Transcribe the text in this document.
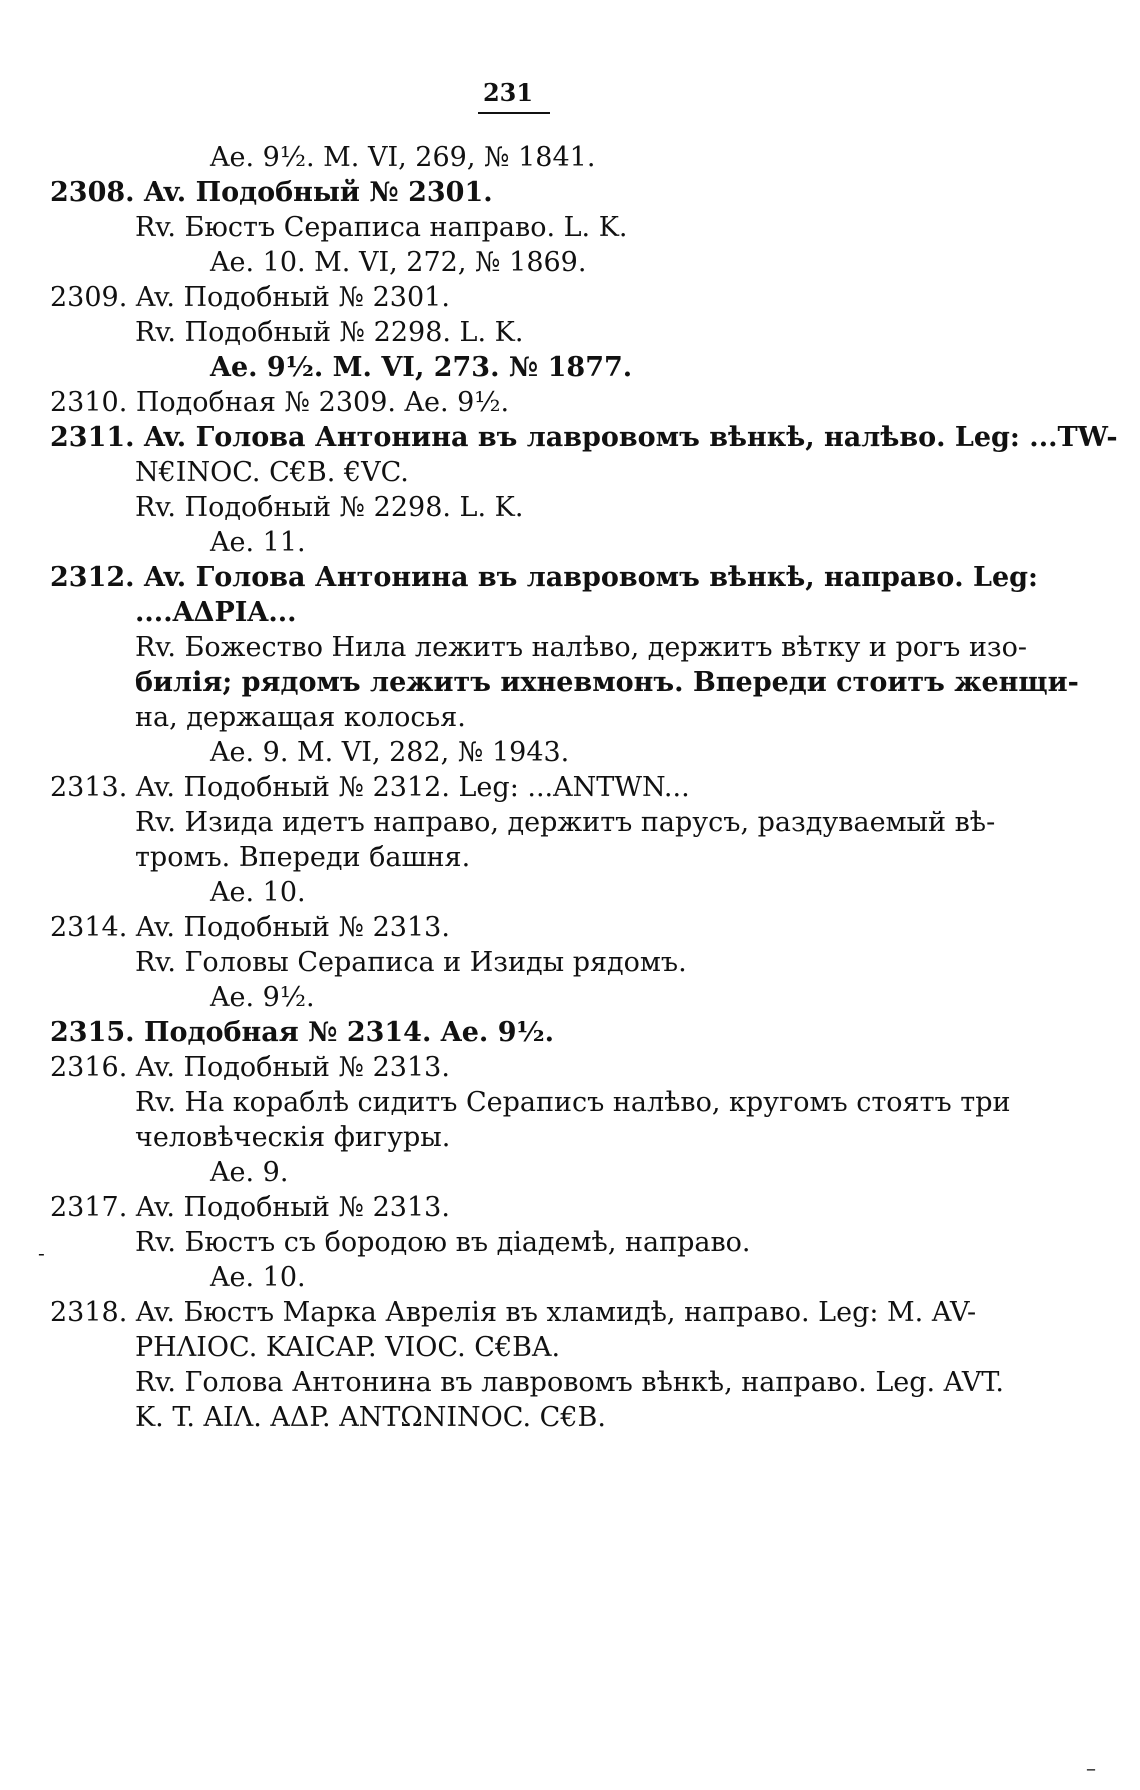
231
Ae. 9½. M. VI, 269, № 1841.
2308. Av. Подобный № 2301.
Rv. Бюстъ Сераписа направо. L. K.
Ae. 10. M. VI, 272, № 1869.
2309. Av. Подобный № 2301.
Rv. Подобный № 2298. L. K.
Ae. 9½. M. VI, 273. № 1877.
2310. Подобная № 2309. Ae. 9½.
2311. Av. Голова Антонина въ лавровомъ вѣнкѣ, налѣво. Leg: ...TW-
N€INOC. C€B. €VC.
Rv. Подобный № 2298. L. K.
Ae. 11.
2312. Av. Голова Антонина въ лавровомъ вѣнкѣ, направо. Leg:
....AΔPIA...
Rv. Божество Нила лежитъ налѣво, держитъ вѣтку и рогъ изо-
билія; рядомъ лежитъ ихневмонъ. Впереди стоитъ женщи-
на, держащая колосья.
Ae. 9. M. VI, 282, № 1943.
2313. Av. Подобный № 2312. Leg: ...ANTWN...
Rv. Изида идетъ направо, держитъ парусъ, раздуваемый вѣ-
тромъ. Впереди башня.
Ae. 10.
2314. Av. Подобный № 2313.
Rv. Головы Сераписа и Изиды рядомъ.
Ae. 9½.
2315. Подобная № 2314. Ae. 9½.
2316. Av. Подобный № 2313.
Rv. На кораблѣ сидитъ Сераписъ налѣво, кругомъ стоятъ три
человѣческія фигуры.
Ae. 9.
2317. Av. Подобный № 2313.
Rv. Бюстъ съ бородою въ діадемѣ, направо.
Ae. 10.
2318. Av. Бюстъ Марка Аврелія въ хламидѣ, направо. Leg: M. AV-
PHΛIOC. KAICAP. VIOC. C€BA.
Rv. Голова Антонина въ лавровомъ вѣнкѣ, направо. Leg. AVT.
K. T. AIΛ. AΔP. ANTΩNINOC. C€B.
-
–
